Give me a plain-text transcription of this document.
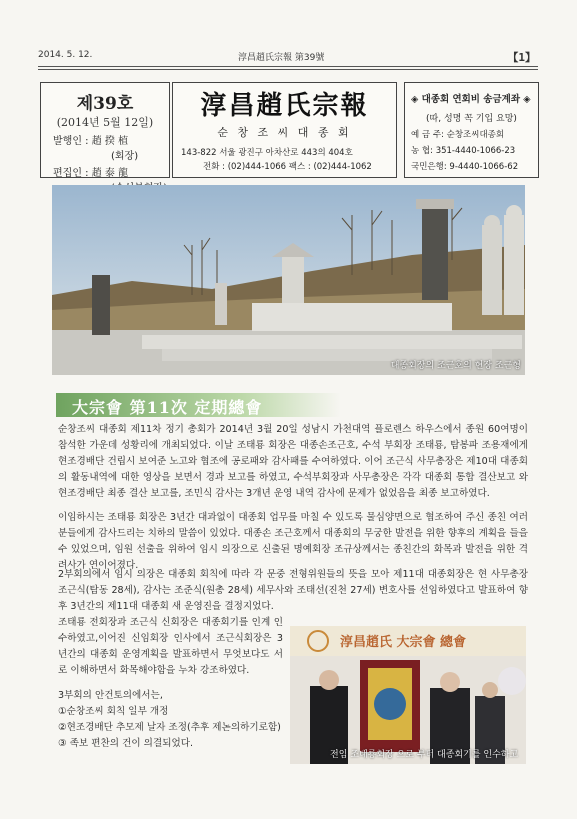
2014. 5. 12.	淳昌趙氏宗報 第39號	【1】
제39호
(2014년 5월 12일)
발행인 : 趙 揆 植
(회장)
편집인 : 趙 泰 龍
淳昌趙氏宗報
순 창 조 씨 대 종 회
143-822 서울 광진구 아차산로 443의 404호
전화 : (02)444-1066 팩스 : (02)444-1062
◈ 대종회 연회비 송금계좌 ◈
(따, 성명 꼭 기입 요망)
예 금 주: 순창조씨대종회
농 협: 351-4440-1066-23
국민은행: 9-4440-1066-62
대종회장의 조근호의 현장 조근형
大宗會 第11次 定期總會
순창조씨 대종회 제11차 정기 총회가 2014년 3월 20일 성남시 가천대역 플로렌스 하우스에서 종원 60여명이 참석한 가운데 성황리에 개최되었다. 이날 조태룡 회장은 대종손조근호, 수석 부회장 조태룡, 탐봉파 조용재에게 현조경배단 건립시 보여준 노고와 협조에 공로패와 감사패를 수여하였다. 이어 조근식 사무총장은 제10대 대종회의 활동내역에 대한 영상을 보면서 경과 보고를 하였고, 수석부회장과 사무총장은 각각 대종회 통합 결산보고 와 현조경배단 최종 결산 보고를, 조민식 감사는 3개년 운영 내역 감사에 문제가 없었음을 최종 보고하였다.
이임하시는 조태룡 회장은 3년간 대과없이 대종회 업무를 마칠 수 있도록 물심양면으로 협조하여 주신 종친 여러분들에게 감사드리는 치하의 말씀이 있었다. 대종손 조근호께서 대종회의 무궁한 발전을 위한 향후의 계획을 들을 수 있었으며, 임원 선출을 위하여 임시 의장으로 신출된 명예회장 조규상께서는 종친간의 화목과 발전을 위한 격려사가 연이어졌다.
2부회의에서 임시 의장은 대종회 회칙에 따라 각 문중 전형위원들의 뜻을 모아 제11대 대종회장은 현 사무총장 조근식(탐동 28세), 감사는 조준식(원총 28세) 세무사와 조태선(진천 27세) 변호사를 선임하였다고 발표하여 향 후 3년간의 제11대 대종회 새 운영진을 결정지었다.
조태룡 전회장과 조근식 신회장은 대종회기를 인계 인수하였고,이어진 신임회장 인사에서 조근식회장은 3년간의 대종회 운영계획을 발표하면서 무엇보다도 서로 이해하면서 화목해야함을 누차 강조하였다.
3부회의 안건토의에서는,
①순창조씨 회칙 일부 개정
②현조경배단 추모제 날자 조정(추후 제논의하기로함)
③ 족보 편찬의 건이 의결되었다.
淳昌趙氏 大宗會 總會
전임 조태룡회장 으로 부터 대종회기를 인수하고
